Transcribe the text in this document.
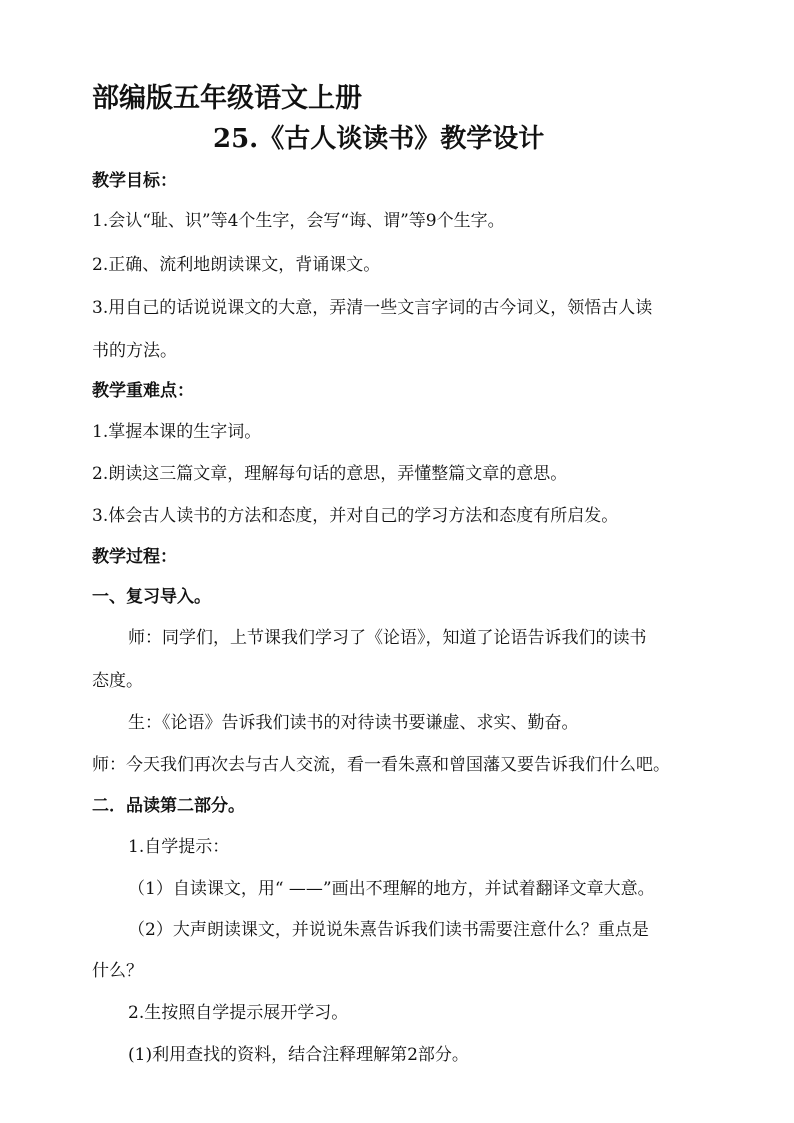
部编版五年级语文上册
25.《古人谈读书》教学设计
教学目标：
1.会认“耻、识”等4个生字，会写“诲、谓”等9个生字。
2.正确、流利地朗读课文，背诵课文。
3.用自己的话说说课文的大意，弄清一些文言字词的古今词义，领悟古人读
书的方法。
教学重难点：
1.掌握本课的生字词。
2.朗读这三篇文章，理解每句话的意思，弄懂整篇文章的意思。
3.体会古人读书的方法和态度，并对自己的学习方法和态度有所启发。
教学过程：
一、复习导入。
师：同学们，上节课我们学习了《论语》，知道了论语告诉我们的读书
态度。
生：《论语》告诉我们读书的对待读书要谦虚、求实、勤奋。
师：今天我们再次去与古人交流，看一看朱熹和曾国藩又要告诉我们什么吧。
二．品读第二部分。
1.自学提示：
（1）自读课文，用“ ——”画出不理解的地方，并试着翻译文章大意。
（2）大声朗读课文，并说说朱熹告诉我们读书需要注意什么？重点是
什么？
2.生按照自学提示展开学习。
(1)利用查找的资料，结合注释理解第2部分。
